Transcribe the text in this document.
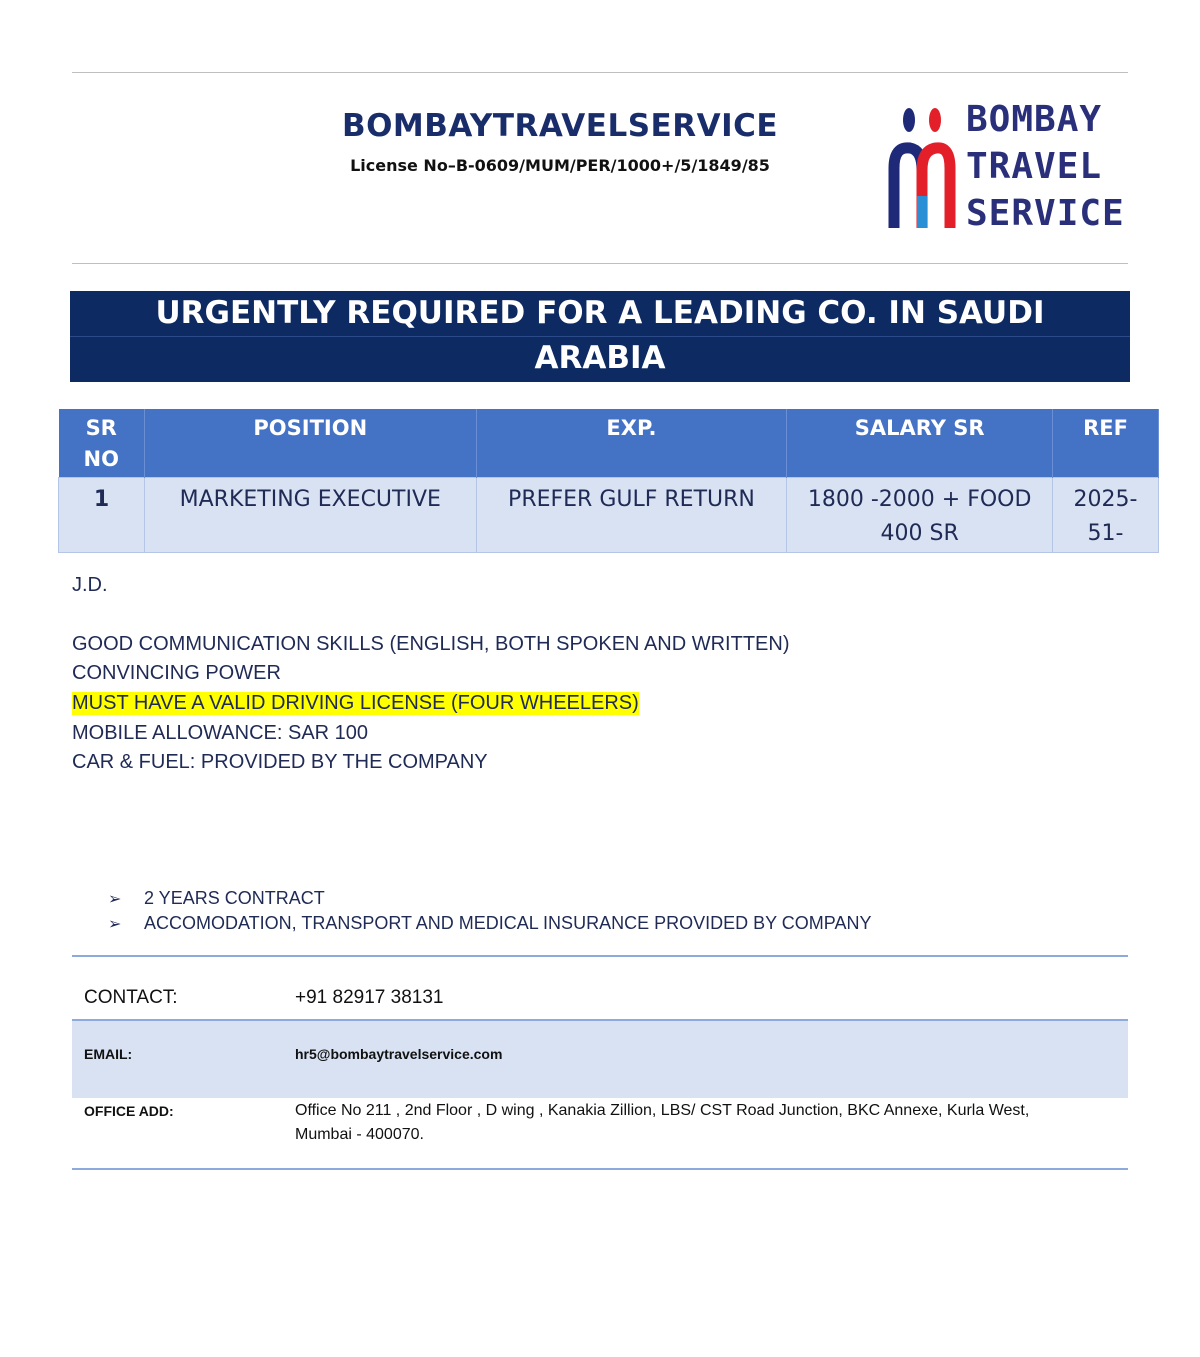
BOMBAYTRAVELSERVICE
License No–B-0609/MUM/PER/1000+/5/1849/85
BOMBAY
TRAVEL
SERVICE
URGENTLY REQUIRED FOR A LEADING CO. IN SAUDI
ARABIA
SR NO	POSITION	EXP.	SALARY SR	REF
1	MARKETING EXECUTIVE	PREFER GULF RETURN	1800 -2000 + FOOD 400 SR	2025-51-
J.D.
GOOD COMMUNICATION SKILLS (ENGLISH, BOTH SPOKEN AND WRITTEN)
CONVINCING POWER
MUST HAVE A VALID DRIVING LICENSE (FOUR WHEELERS)
MOBILE ALLOWANCE: SAR 100
CAR & FUEL: PROVIDED BY THE COMPANY
➢ 2 YEARS CONTRACT
➢ ACCOMODATION, TRANSPORT AND MEDICAL INSURANCE PROVIDED BY COMPANY
CONTACT:	+91 82917 38131
EMAIL:	hr5@bombaytravelservice.com
OFFICE ADD:	Office No 211 , 2nd Floor , D wing , Kanakia Zillion, LBS/ CST Road Junction, BKC Annexe, Kurla West,
Mumbai - 400070.
